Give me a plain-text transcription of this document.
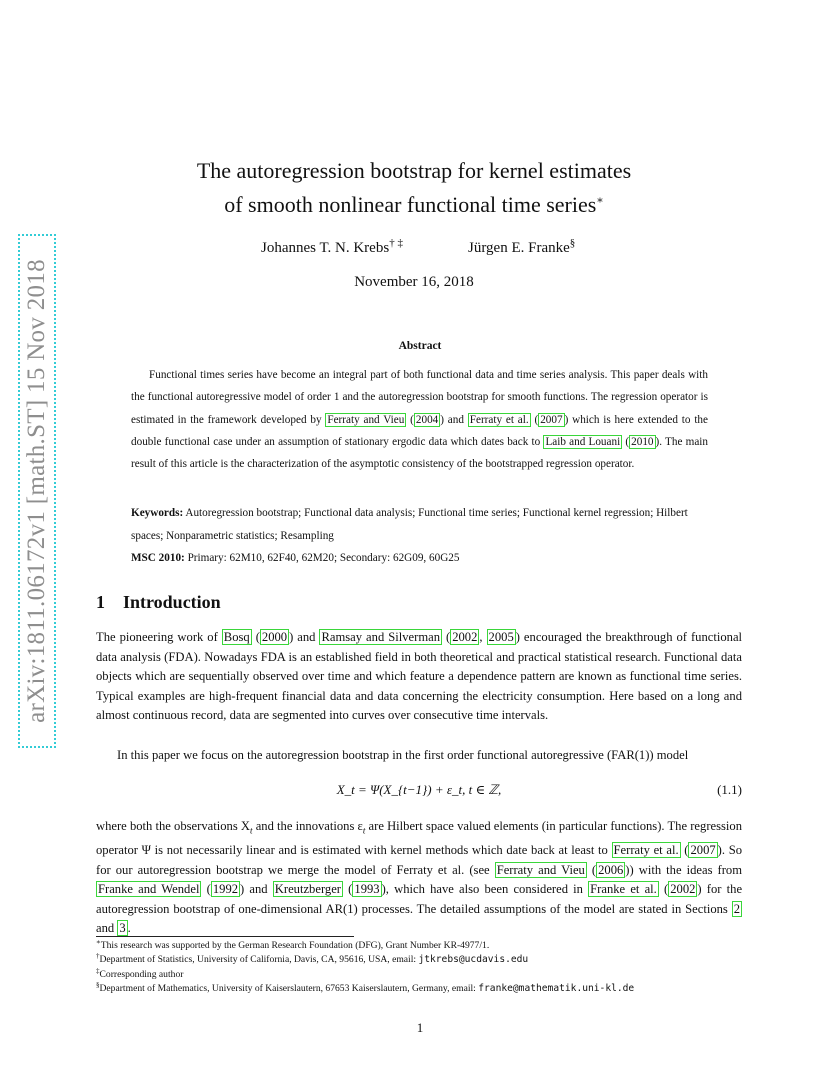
arXiv:1811.06172v1 [math.ST] 15 Nov 2018
The autoregression bootstrap for kernel estimates
of smooth nonlinear functional time series∗
Johannes T. N. Krebs† ‡	Jürgen E. Franke§
November 16, 2018
Abstract
Functional times series have become an integral part of both functional data and time series analysis. This paper deals with the functional autoregressive model of order 1 and the autoregression bootstrap for smooth functions. The regression operator is estimated in the framework developed by Ferraty and Vieu ( 2004 ) and Ferraty et al. ( 2007 ) which is here extended to the double functional case under an assumption of stationary ergodic data which dates back to Laib and Louani ( 2010 ). The main result of this article is the characterization of the asymptotic consistency of the bootstrapped regression operator.
Keywords: Autoregression bootstrap; Functional data analysis; Functional time series; Functional kernel regression; Hilbert spaces; Nonparametric statistics; Resampling
MSC 2010: Primary: 62M10, 62F40, 62M20; Secondary: 62G09, 60G25
1 Introduction
The pioneering work of Bosq ( 2000 ) and Ramsay and Silverman ( 2002 , 2005 ) encouraged the breakthrough of functional data analysis (FDA). Nowadays FDA is an established field in both theoretical and practical statistical research. Functional data objects which are sequentially observed over time and which feature a dependence pattern are known as functional time series. Typical examples are high-frequent financial data and data concerning the electricity consumption. Here based on a long and almost continuous record, data are segmented into curves over consecutive time intervals.
In this paper we focus on the autoregression bootstrap in the first order functional autoregressive (FAR(1)) model
X_t = Ψ(X_{t−1}) + ε_t, t ∈ ℤ,	(1.1)
where both the observations $X_t$ and the innovations $\varepsilon_t$ are Hilbert space valued elements (in particular functions). The regression operator Ψ is not necessarily linear and is estimated with kernel methods which date back at least to Ferraty et al. ( 2007 ). So for our autoregression bootstrap we merge the model of Ferraty et al. (see Ferraty and Vieu ( 2006 )) with the ideas from Franke and Wendel ( 1992 ) and Kreutzberger ( 1993 ), which have also been considered in Franke et al. ( 2002 ) for the autoregression bootstrap of one-dimensional AR(1) processes. The detailed assumptions of the model are stated in Sections 2 and 3 .
∗This research was supported by the German Research Foundation (DFG), Grant Number KR-4977/1.
†Department of Statistics, University of California, Davis, CA, 95616, USA, email: jtkrebs@ucdavis.edu
‡Corresponding author
§Department of Mathematics, University of Kaiserslautern, 67653 Kaiserslautern, Germany, email: franke@mathematik.uni-kl.de
1
